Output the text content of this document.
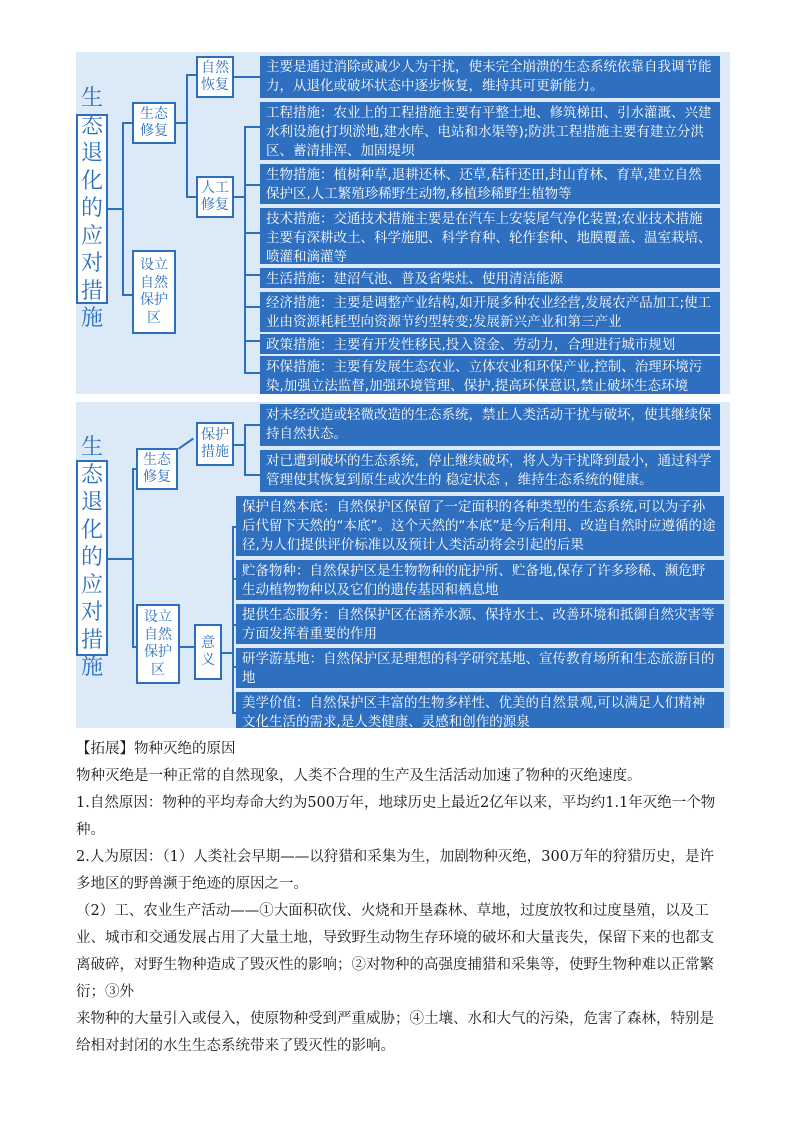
生态退化的应对措施
生态修复
设立自然保护区
自然恢复
人工修复
主要是通过消除或减少人为干扰，使未完全崩溃的生态系统依靠自我调节能力，从退化或破坏状态中逐步恢复，维持其可更新能力。
工程措施：农业上的工程措施主要有平整土地、修筑梯田、引水灌溉、兴建水利设施(打坝淤地,建水库、电站和水渠等);防洪工程措施主要有建立分洪区、蓄清排浑、加固堤坝
生物措施：植树种草,退耕还林、还草,秸秆还田,封山育林、育草,建立自然保护区,人工繁殖珍稀野生动物,移植珍稀野生植物等
技术措施：交通技术措施主要是在汽车上安装尾气净化装置;农业技术措施主要有深耕改土、科学施肥、科学育种、轮作套种、地膜覆盖、温室栽培、喷灌和滴灌等
生活措施：建沼气池、普及省柴灶、使用清洁能源
经济措施：主要是调整产业结构,如开展多种农业经营,发展农产品加工;使工业由资源耗耗型向资源节约型转变;发展新兴产业和第三产业
政策措施：主要有开发性移民,投入资金、劳动力，合理进行城市规划
环保措施：主要有发展生态农业、立体农业和环保产业,控制、治理环境污染,加强立法监督,加强环境管理、保护,提高环保意识,禁止破坏生态环境
生态退化的应对措施
生态修复
设立自然保护区
保护措施
意义
对未经改造或轻微改造的生态系统，禁止人类活动干扰与破坏，使其继续保持自然状态。
对已遭到破坏的生态系统，停止继续破坏，将人为干扰降到最小，通过科学管理使其恢复到原生或次生的 稳定状态 ，维持生态系统的健康。
保护自然本底：自然保护区保留了一定面积的各种类型的生态系统,可以为子孙后代留下天然的“本底”。这个天然的“本底”是今后利用、改造自然时应遵循的途径,为人们提供评价标准以及预计人类活动将会引起的后果
贮备物种：自然保护区是生物物种的庇护所、贮备地,保存了许多珍稀、濒危野生动植物物种以及它们的遗传基因和栖息地
提供生态服务：自然保护区在涵养水源、保持水土、改善环境和抵御自然灾害等方面发挥着重要的作用
研学游基地：自然保护区是理想的科学研究基地、宣传教育场所和生态旅游目的地
美学价值：自然保护区丰富的生物多样性、优美的自然景观,可以满足人们精神文化生活的需求,是人类健康、灵感和创作的源泉

【拓展】物种灭绝的原因

物种灭绝是一种正常的自然现象，人类不合理的生产及生活活动加速了物种的灭绝速度。

1.自然原因：物种的平均寿命大约为500万年，地球历史上最近2亿年以来，平均约1.1年灭绝一个物种。

2.人为原因：（1）人类社会早期——以狩猎和采集为生，加剧物种灭绝，300万年的狩猎历史，是许多地区的野兽濒于绝迹的原因之一。

（2）工、农业生产活动——①大面积砍伐、火烧和开垦森林、草地，过度放牧和过度垦殖，以及工业、城市和交通发展占用了大量土地，导致野生动物生存环境的破坏和大量丧失，保留下来的也都支离破碎，对野生物种造成了毁灭性的影响；②对物种的高强度捕猎和采集等，使野生物种难以正常繁衍；③外

来物种的大量引入或侵入，使原物种受到严重威胁；④土壤、水和大气的污染，危害了森林，特别是给相对封闭的水生生态系统带来了毁灭性的影响。
